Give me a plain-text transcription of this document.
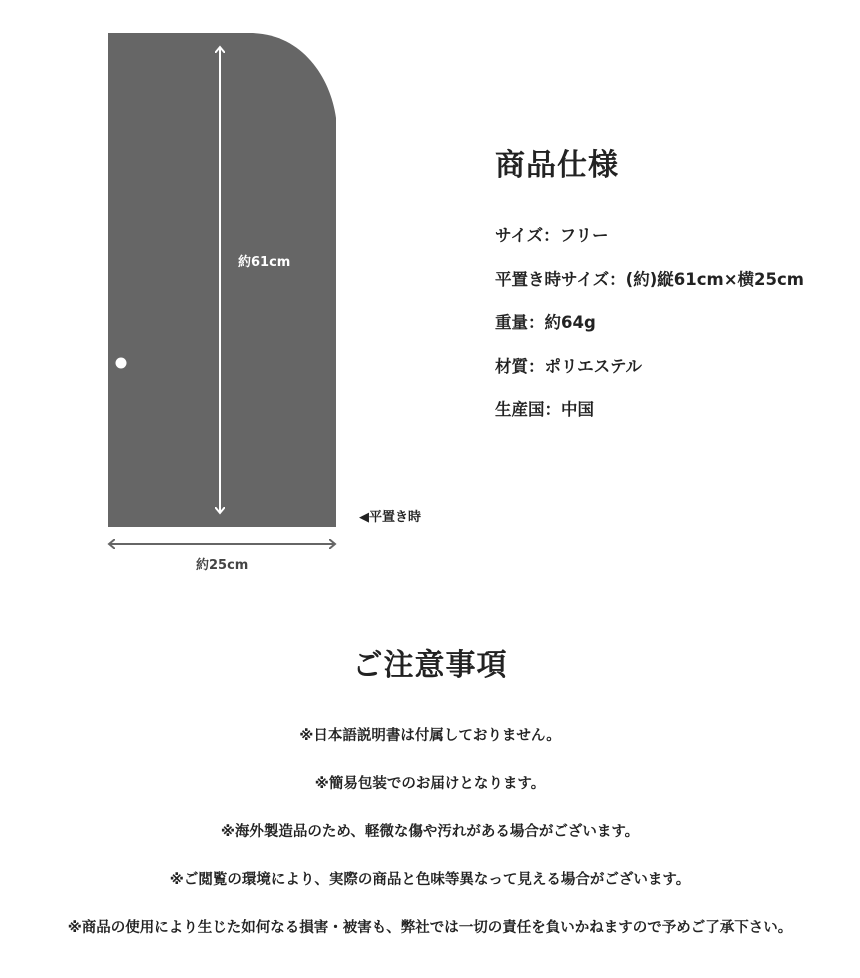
約61cm
約25cm
◀平置き時
商品仕様
サイズ：フリー
平置き時サイズ：(約)縦61cm×横25cm
重量：約64g
材質：ポリエステル
生産国：中国
ご注意事項
※日本語説明書は付属しておりません。
※簡易包装でのお届けとなります。
※海外製造品のため、軽微な傷や汚れがある場合がございます。
※ご閲覧の環境により、実際の商品と色味等異なって見える場合がございます。
※商品の使用により生じた如何なる損害・被害も、弊社では一切の責任を負いかねますので予めご了承下さい。
